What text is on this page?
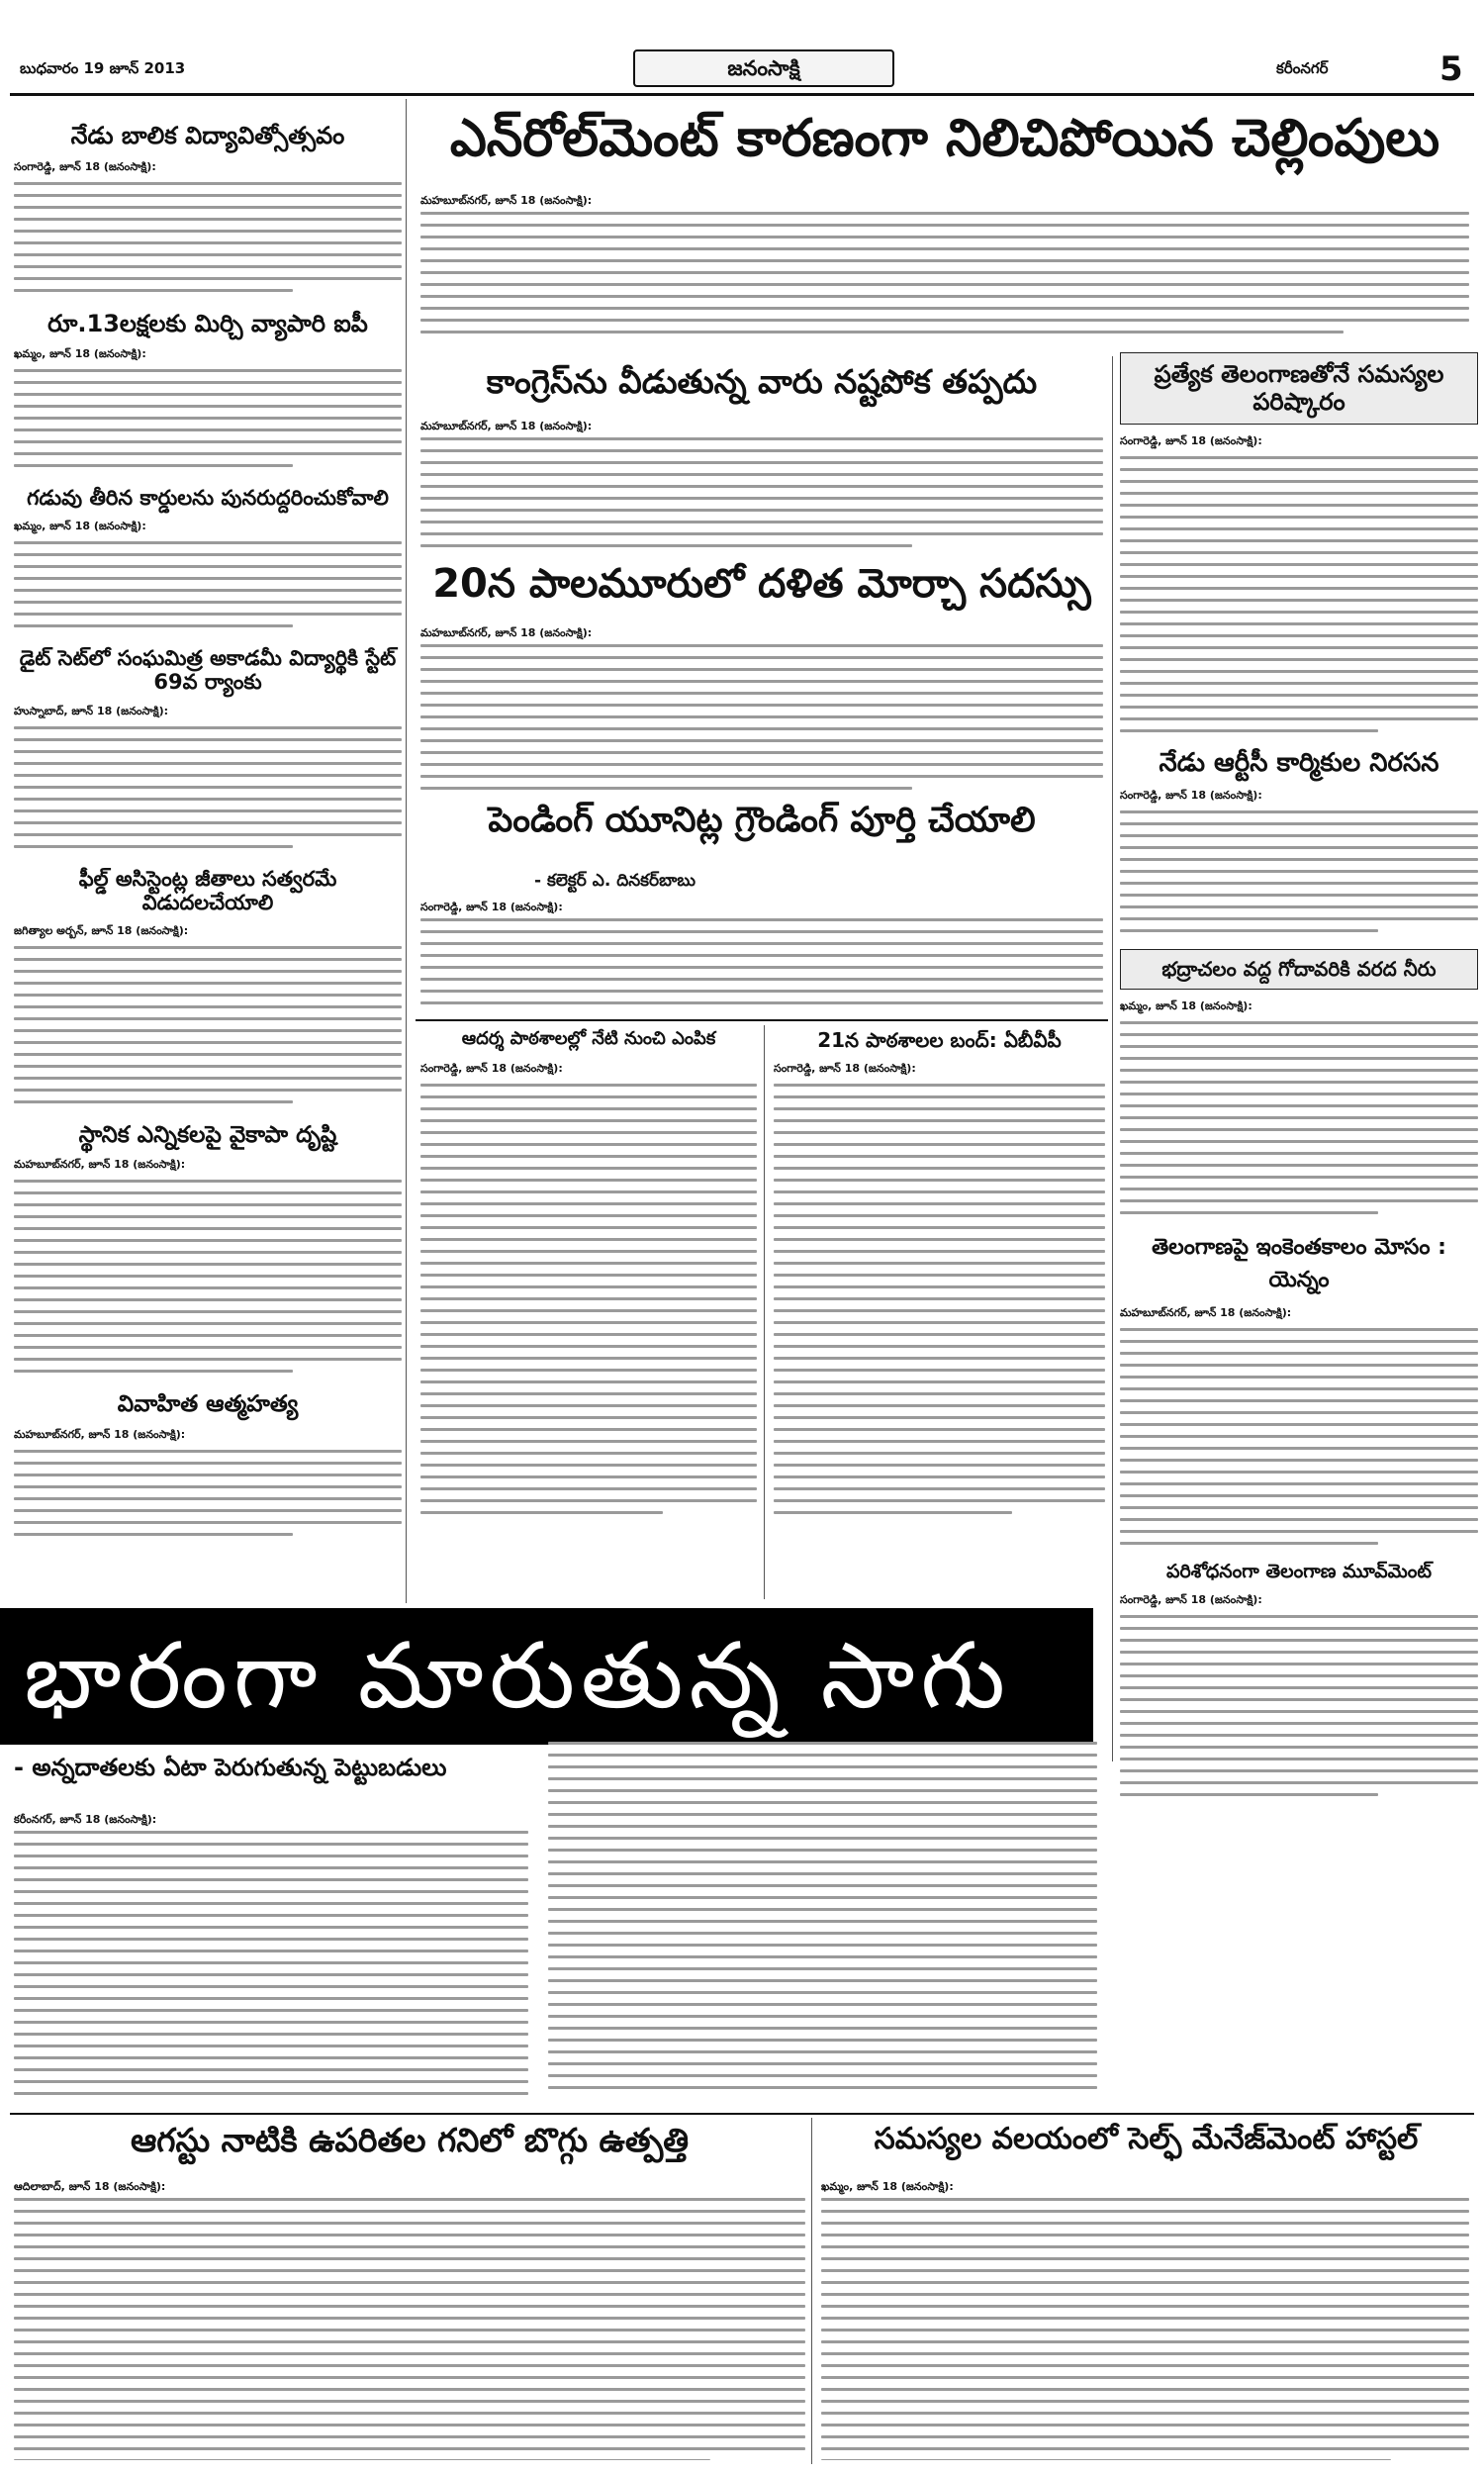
బుధవారం 19 జూన్ 2013	జనంసాక్షి	కరీంనగర్	5
నేడు బాలిక విద్యావిత్సోత్సవం
సంగారెడ్డి, జూన్ 18 (జనంసాక్షి):
రూ.13లక్షలకు మిర్చి వ్యాపారి ఐపీ
ఖమ్మం, జూన్ 18 (జనంసాక్షి):
గడువు తీరిన కార్డులను పునరుద్దరించుకోవాలి
ఖమ్మం, జూన్ 18 (జనంసాక్షి):
డైట్ సెట్‌లో సంఘమిత్ర అకాడమీ విద్యార్థికి స్టేట్ 69వ ర్యాంకు
హుస్నాబాద్, జూన్ 18 (జనంసాక్షి):
ఫీల్డ్ అసిస్టెంట్ల జీతాలు సత్వరమే విడుదలచేయాలి
జగిత్యాల అర్బన్, జూన్ 18 (జనంసాక్షి):
స్థానిక ఎన్నికలపై వైకాపా దృష్టి
మహబూబ్‌నగర్, జూన్ 18 (జనంసాక్షి):
వివాహిత ఆత్మహత్య
మహబూబ్‌నగర్, జూన్ 18 (జనంసాక్షి):
ఎన్‌రోల్‌మెంట్ కారణంగా నిలిచిపోయిన చెల్లింపులు
మహబూబ్‌నగర్, జూన్ 18 (జనంసాక్షి):
కాంగ్రెస్‌ను వీడుతున్న వారు నష్టపోక తప్పదు
మహబూబ్‌నగర్, జూన్ 18 (జనంసాక్షి):
20న పాలమూరులో దళిత మోర్చా సదస్సు
మహబూబ్‌నగర్, జూన్ 18 (జనంసాక్షి):
పెండింగ్ యూనిట్ల గ్రౌండింగ్ పూర్తి చేయాలి
- కలెక్టర్ ఎ. దినకర్‌బాబు
సంగారెడ్డి, జూన్ 18 (జనంసాక్షి):
ఆదర్శ పాఠశాలల్లో నేటి నుంచి ఎంపిక
సంగారెడ్డి, జూన్ 18 (జనంసాక్షి):
21న పాఠశాలల బంద్: ఏబీవీపీ
సంగారెడ్డి, జూన్ 18 (జనంసాక్షి):
ప్రత్యేక తెలంగాణతోనే సమస్యల పరిష్కారం
సంగారెడ్డి, జూన్ 18 (జనంసాక్షి):
నేడు ఆర్టీసీ కార్మికుల నిరసన
సంగారెడ్డి, జూన్ 18 (జనంసాక్షి):
భద్రాచలం వద్ద గోదావరికి వరద నీరు
ఖమ్మం, జూన్ 18 (జనంసాక్షి):
తెలంగాణపై ఇంకెంతకాలం మోసం : యెన్నం
మహబూబ్‌నగర్, జూన్ 18 (జనంసాక్షి):
పరిశోధనంగా తెలంగాణ మూవ్‌మెంట్
సంగారెడ్డి, జూన్ 18 (జనంసాక్షి):
భారంగా మారుతున్న సాగు
- అన్నదాతలకు ఏటా పెరుగుతున్న పెట్టుబడులు
కరీంనగర్, జూన్ 18 (జనంసాక్షి):
ఆగస్టు నాటికి ఉపరితల గనిలో బొగ్గు ఉత్పత్తి
ఆదిలాబాద్, జూన్ 18 (జనంసాక్షి):
సమస్యల వలయంలో సెల్ఫ్ మేనేజ్‌మెంట్ హాస్టల్
ఖమ్మం, జూన్ 18 (జనంసాక్షి):
